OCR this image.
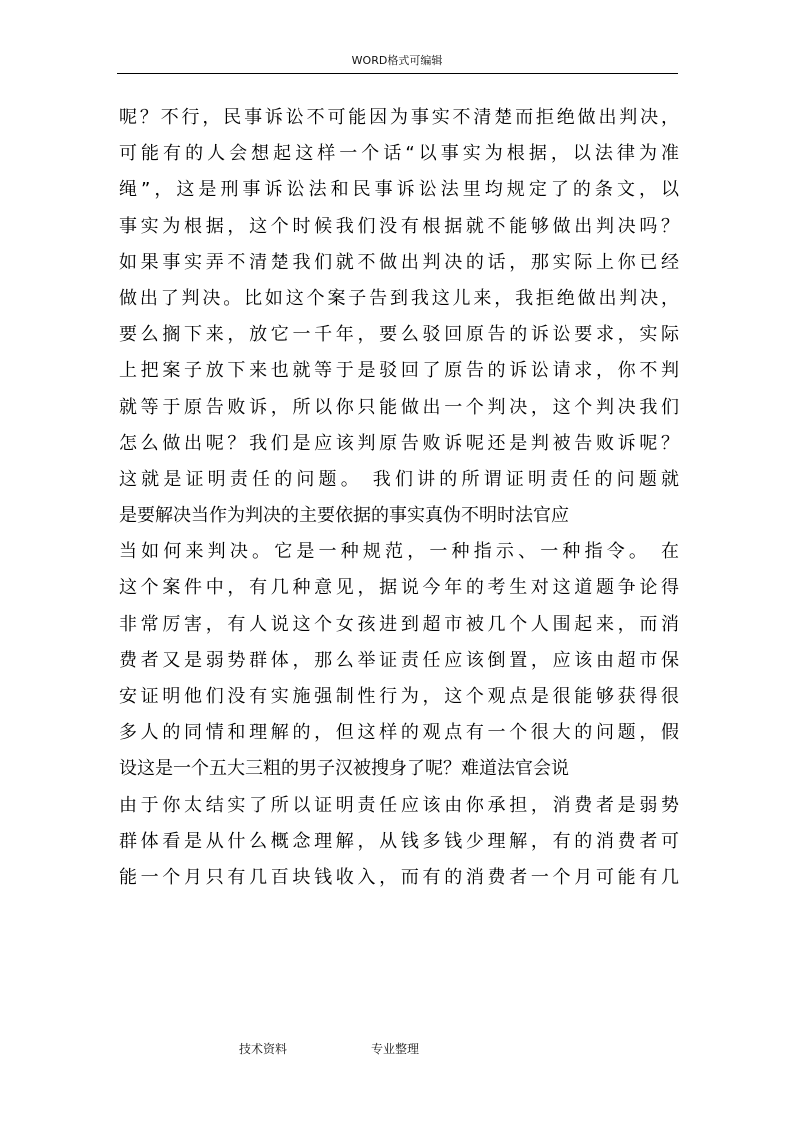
WORD格式可编辑
呢？不行，民事诉讼不可能因为事实不清楚而拒绝做出判决，
可能有的人会想起这样一个话“以事实为根据，以法律为准
绳”，这是刑事诉讼法和民事诉讼法里均规定了的条文，以
事实为根据，这个时候我们没有根据就不能够做出判决吗？
如果事实弄不清楚我们就不做出判决的话，那实际上你已经
做出了判决。比如这个案子告到我这儿来，我拒绝做出判决，
要么搁下来，放它一千年，要么驳回原告的诉讼要求，实际
上把案子放下来也就等于是驳回了原告的诉讼请求，你不判
就等于原告败诉，所以你只能做出一个判决，这个判决我们
怎么做出呢？我们是应该判原告败诉呢还是判被告败诉呢？
这就是证明责任的问题。 我们讲的所谓证明责任的问题就
是要解决当作为判决的主要依据的事实真伪不明时法官应
当如何来判决。它是一种规范，一种指示、一种指令。 在
这个案件中，有几种意见，据说今年的考生对这道题争论得
非常厉害，有人说这个女孩进到超市被几个人围起来，而消
费者又是弱势群体，那么举证责任应该倒置，应该由超市保
安证明他们没有实施强制性行为，这个观点是很能够获得很
多人的同情和理解的，但这样的观点有一个很大的问题，假
设这是一个五大三粗的男子汉被搜身了呢？难道法官会说
由于你太结实了所以证明责任应该由你承担，消费者是弱势
群体看是从什么概念理解，从钱多钱少理解，有的消费者可
能一个月只有几百块钱收入，而有的消费者一个月可能有几
技术资料	专业整理
